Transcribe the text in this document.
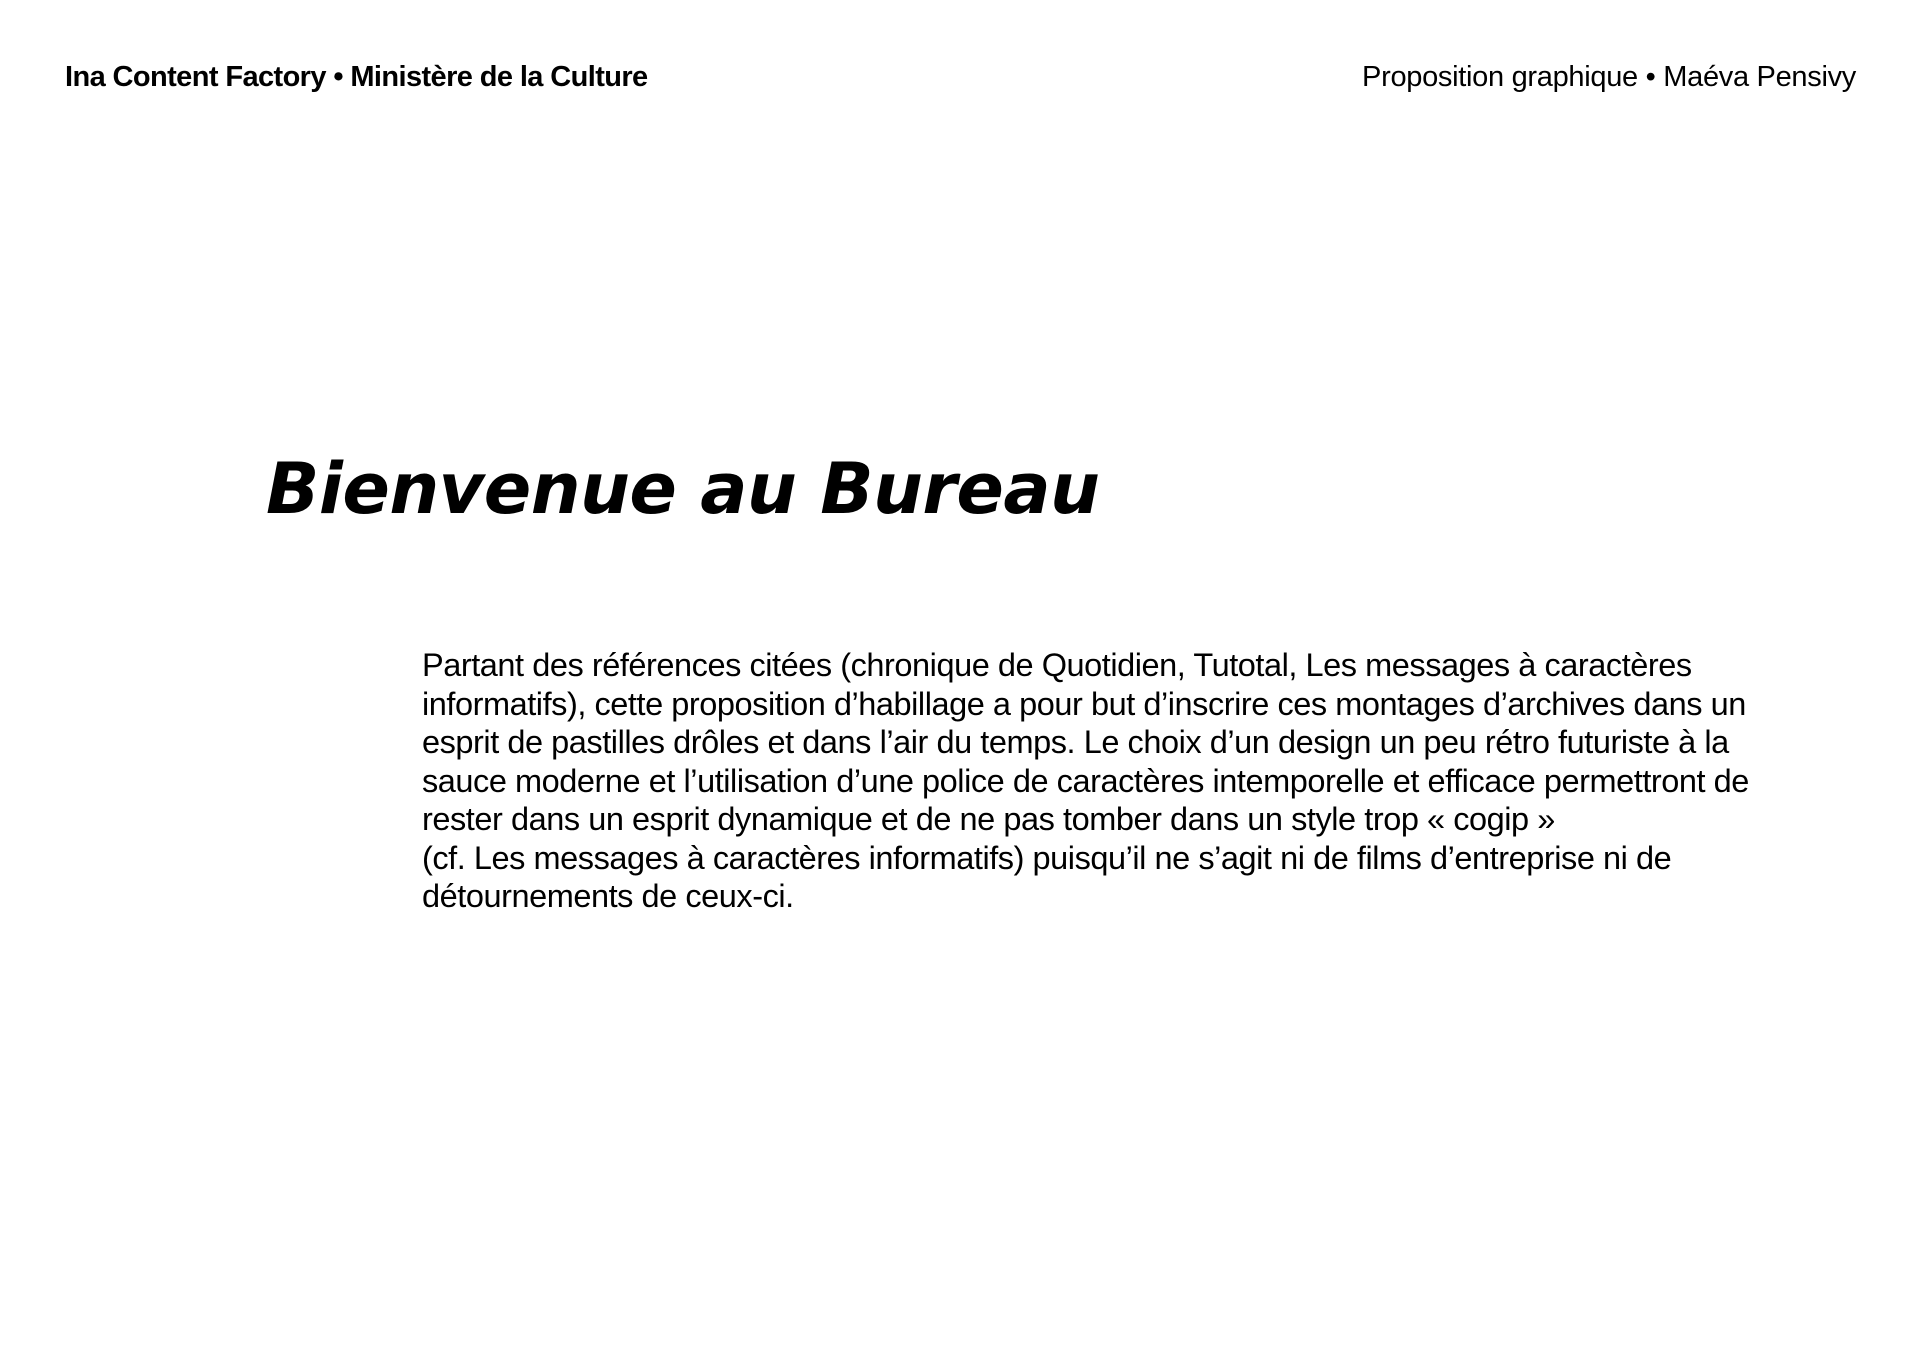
Ina Content Factory • Ministère de la Culture	Proposition graphique • Maéva Pensivy
Bienvenue au Bureau
Partant des références citées (chronique de Quotidien, Tutotal, Les messages à caractères
informatifs), cette proposition d’habillage a pour but d’inscrire ces montages d’archives dans un
esprit de pastilles drôles et dans l’air du temps. Le choix d’un design un peu rétro futuriste à la
sauce moderne et l’utilisation d’une police de caractères intemporelle et efficace permettront de
rester dans un esprit dynamique et de ne pas tomber dans un style trop « cogip »
(cf. Les messages à caractères informatifs) puisqu’il ne s’agit ni de films d’entreprise ni de
détournements de ceux-ci.
